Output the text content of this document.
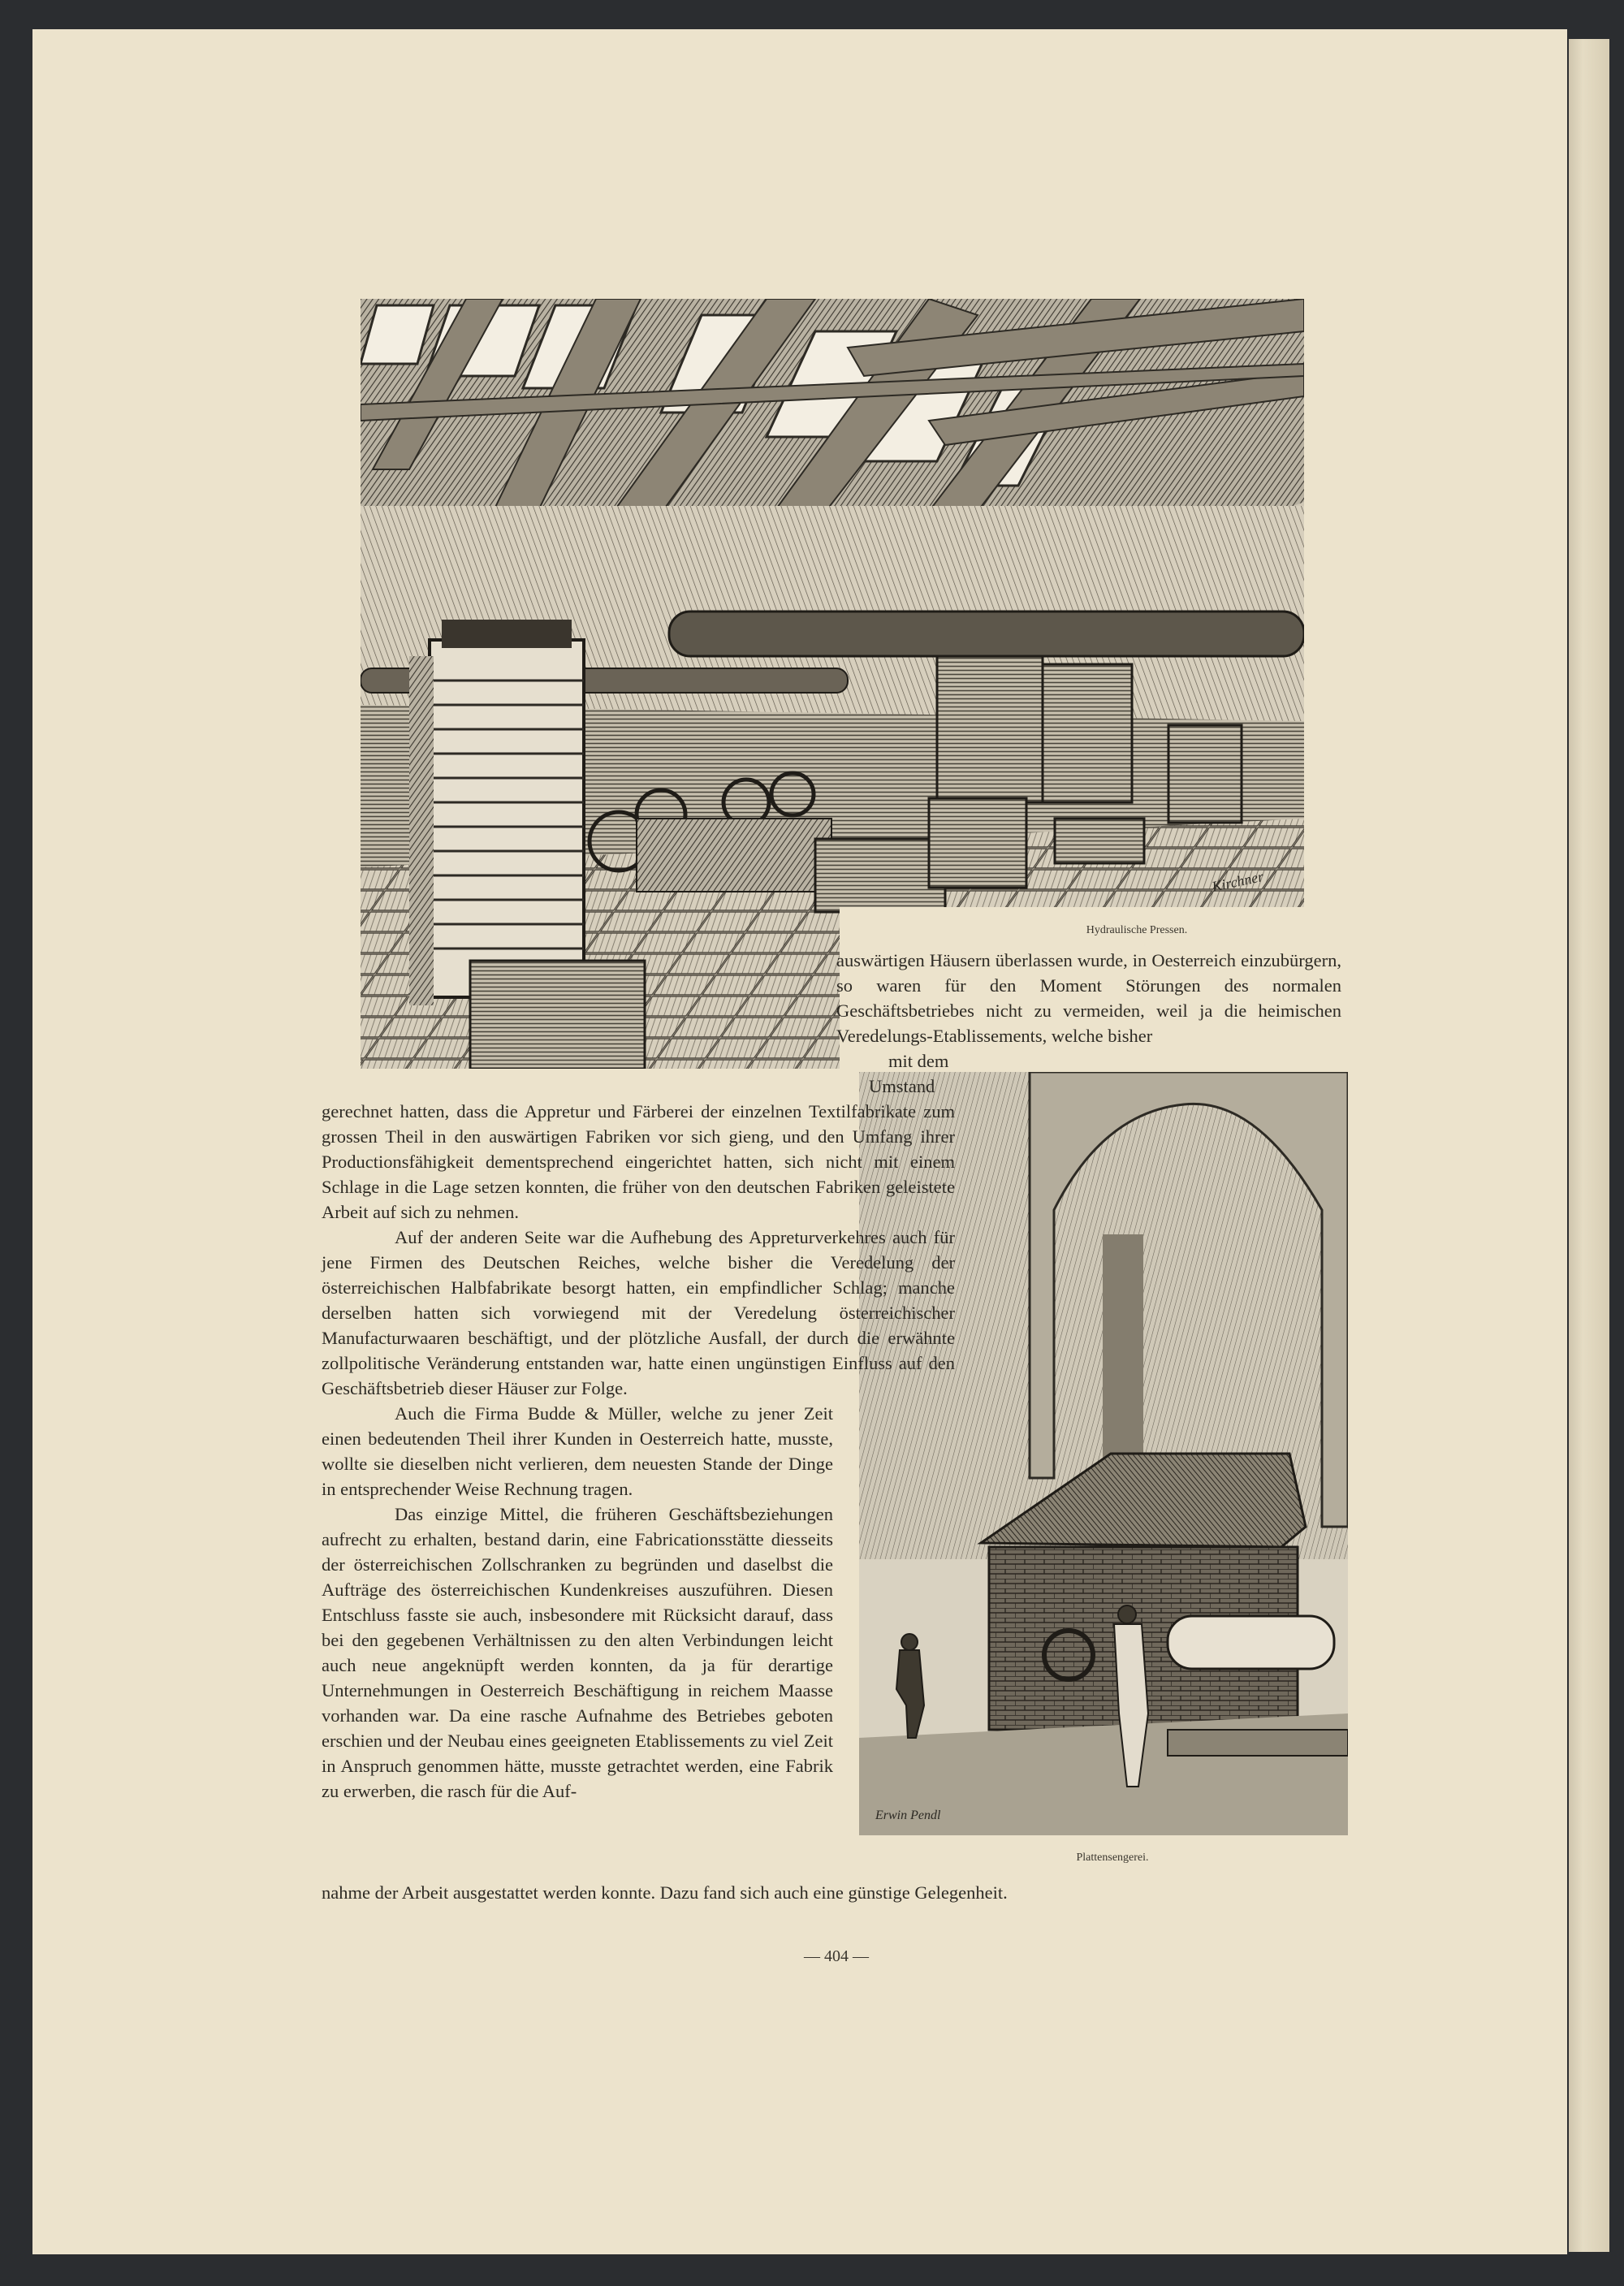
Kirchner
Hydraulische Pressen.
Erwin Pendl
Plattensengerei.

auswärtigen Häusern überlassen wurde, in Oesterreich einzubürgern, so waren für den Moment Störungen des normalen Geschäftsbetriebes nicht zu vermeiden, weil ja die heimischen Veredelungs-Etablissements, welche bisher

mit dem
Umstand

gerechnet hatten, dass die Appretur und Färberei der einzelnen Textilfabrikate zum grossen Theil in den auswärtigen Fabriken vor sich gieng, und den Umfang ihrer Productionsfähigkeit dementsprechend eingerichtet hatten, sich nicht mit einem Schlage in die Lage setzen konnten, die früher von den deutschen Fabriken geleistete Arbeit auf sich zu nehmen.

Auf der anderen Seite war die Aufhebung des Appreturverkehres auch für jene Firmen des Deutschen Reiches, welche bisher die Veredelung der österreichischen Halbfabrikate besorgt hatten, ein empfindlicher Schlag; manche derselben hatten sich vorwiegend mit der Veredelung österreichischer Manufacturwaaren beschäftigt, und der plötzliche Ausfall, der durch die erwähnte zollpolitische Veränderung entstanden war, hatte einen ungünstigen Einfluss auf den Geschäftsbetrieb dieser Häuser zur Folge.

Auch die Firma Budde & Müller, welche zu jener Zeit einen bedeutenden Theil ihrer Kunden in Oesterreich hatte, musste, wollte sie dieselben nicht verlieren, dem neuesten Stande der Dinge in entsprechender Weise Rechnung tragen.

Das einzige Mittel, die früheren Geschäftsbeziehungen aufrecht zu erhalten, bestand darin, eine Fabricationsstätte diesseits der österreichischen Zollschranken zu begründen und daselbst die Aufträge des österreichischen Kundenkreises auszuführen. Diesen Entschluss fasste sie auch, insbesondere mit Rücksicht darauf, dass bei den gegebenen Verhältnissen zu den alten Verbindungen leicht auch neue angeknüpft werden konnten, da ja für derartige Unternehmungen in Oesterreich Beschäftigung in reichem Maasse vorhanden war. Da eine rasche Aufnahme des Betriebes geboten erschien und der Neubau eines geeigneten Etablissements zu viel Zeit in Anspruch genommen hätte, musste getrachtet werden, eine Fabrik zu erwerben, die rasch für die Auf-

nahme der Arbeit ausgestattet werden konnte. Dazu fand sich auch eine günstige Gelegenheit.
— 404 —
